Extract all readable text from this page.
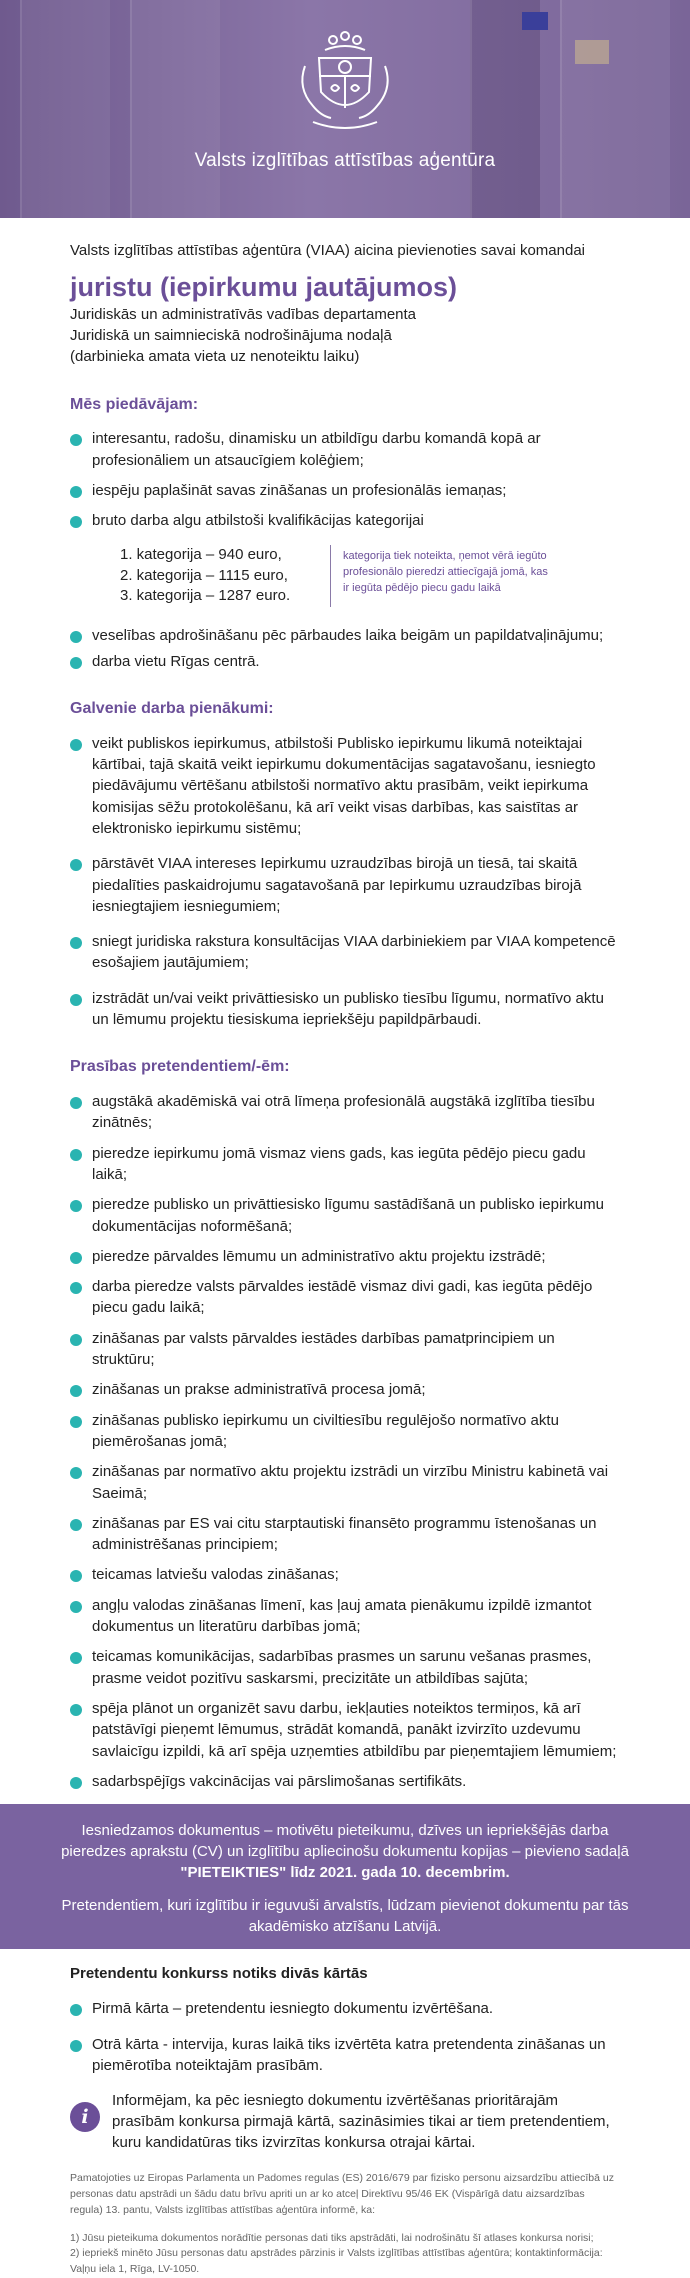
Valsts izglītības attīstības aģentūra

Valsts izglītības attīstības aģentūra (VIAA) aicina pievienoties savai komandai

juristu (iepirkumu jautājumos)

Juridiskās un administratīvās vadības departamenta

Juridiskā un saimnieciskā nodrošinājuma nodaļā

(darbinieka amata vieta uz nenoteiktu laiku)

Mēs piedāvājam:
interesantu, radošu, dinamisku un atbildīgu darbu komandā kopā ar profesionāliem un atsaucīgiem kolēģiem;
iespēju paplašināt savas zināšanas un profesionālās iemaņas;
bruto darba algu atbilstoši kvalifikācijas kategorijai
1. kategorija – 940 euro,
2. kategorija – 1115 euro,
3. kategorija – 1287 euro.
kategorija tiek noteikta, ņemot vērā iegūto profesionālo pieredzi attiecīgajā jomā, kas ir iegūta pēdējo piecu gadu laikā
veselības apdrošināšanu pēc pārbaudes laika beigām un papildatvaļinājumu;
darba vietu Rīgas centrā.
Galvenie darba pienākumi:
veikt publiskos iepirkumus, atbilstoši Publisko iepirkumu likumā noteiktajai kārtībai, tajā skaitā veikt iepirkumu dokumentācijas sagatavošanu, iesniegto piedāvājumu vērtēšanu atbilstoši normatīvo aktu prasībām, veikt iepirkuma komisijas sēžu protokolēšanu, kā arī veikt visas darbības, kas saistītas ar elektronisko iepirkumu sistēmu;
pārstāvēt VIAA intereses Iepirkumu uzraudzības birojā un tiesā, tai skaitā piedalīties paskaidrojumu sagatavošanā par Iepirkumu uzraudzības birojā iesniegtajiem iesniegumiem;
sniegt juridiska rakstura konsultācijas VIAA darbiniekiem par VIAA kompetencē esošajiem jautājumiem;
izstrādāt un/vai veikt privāttiesisko un publisko tiesību līgumu, normatīvo aktu un lēmumu projektu tiesiskuma iepriekšēju papildpārbaudi.
Prasības pretendentiem/-ēm:
augstākā akadēmiskā vai otrā līmeņa profesionālā augstākā izglītība tiesību zinātnēs;
pieredze iepirkumu jomā vismaz viens gads, kas iegūta pēdējo piecu gadu laikā;
pieredze publisko un privāttiesisko līgumu sastādīšanā un publisko iepirkumu dokumentācijas noformēšanā;
pieredze pārvaldes lēmumu un administratīvo aktu projektu izstrādē;
darba pieredze valsts pārvaldes iestādē vismaz divi gadi, kas iegūta pēdējo piecu gadu laikā;
zināšanas par valsts pārvaldes iestādes darbības pamatprincipiem un struktūru;
zināšanas un prakse administratīvā procesa jomā;
zināšanas publisko iepirkumu un civiltiesību regulējošo normatīvo aktu piemērošanas jomā;
zināšanas par normatīvo aktu projektu izstrādi un virzību Ministru kabinetā vai Saeimā;
zināšanas par ES vai citu starptautiski finansēto programmu īstenošanas un administrēšanas principiem;
teicamas latviešu valodas zināšanas;
angļu valodas zināšanas līmenī, kas ļauj amata pienākumu izpildē izmantot dokumentus un literatūru darbības jomā;
teicamas komunikācijas, sadarbības prasmes un sarunu vešanas prasmes, prasme veidot pozitīvu saskarsmi, precizitāte un atbildības sajūta;
spēja plānot un organizēt savu darbu, iekļauties noteiktos termiņos, kā arī patstāvīgi pieņemt lēmumus, strādāt komandā, panākt izvirzīto uzdevumu savlaicīgu izpildi, kā arī spēja uzņemties atbildību par pieņemtajiem lēmumiem;
sadarbspējīgs vakcinācijas vai pārslimošanas sertifikāts.

Iesniedzamos dokumentus – motivētu pieteikumu, dzīves un iepriekšējās darba pieredzes aprakstu (CV) un izglītību apliecinošu dokumentu kopijas – pievieno sadaļā "PIETEIKTIES" līdz 2021. gada 10. decembrim.

Pretendentiem, kuri izglītību ir ieguvuši ārvalstīs, lūdzam pievienot dokumentu par tās akadēmisko atzīšanu Latvijā.

Pretendentu konkurss notiks divās kārtās
Pirmā kārta – pretendentu iesniegto dokumentu izvērtēšana.
Otrā kārta - intervija, kuras laikā tiks izvērtēta katra pretendenta zināšanas un piemērotība noteiktajām prasībām.
i

Informējam, ka pēc iesniegto dokumentu izvērtēšanas prioritārajām prasībām konkursa pirmajā kārtā, sazināsimies tikai ar tiem pretendentiem, kuru kandidatūras tiks izvirzītas konkursa otrajai kārtai.

Pamatojoties uz Eiropas Parlamenta un Padomes regulas (ES) 2016/679 par fizisko personu aizsardzību attiecībā uz personas datu apstrādi un šādu datu brīvu apriti un ar ko atceļ Direktīvu 95/46 EK (Vispārīgā datu aizsardzības regula) 13. pantu, Valsts izglītības attīstības aģentūra informē, ka:

1) Jūsu pieteikuma dokumentos norādītie personas dati tiks apstrādāti, lai nodrošinātu šī atlases konkursa norisi;

2) iepriekš minēto Jūsu personas datu apstrādes pārzinis ir Valsts izglītības attīstības aģentūra; kontaktinformācija: Vaļņu iela 1, Rīga, LV-1050.
